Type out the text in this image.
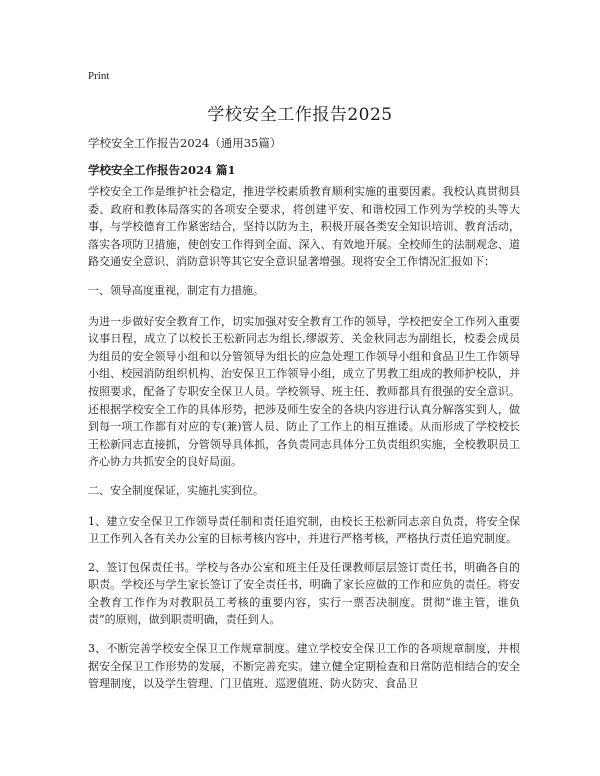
Print
学校安全工作报告2025

学校安全工作报告2024（通用35篇）

学校安全工作报告2024 篇1

学校安全工作是维护社会稳定，推进学校素质教育顺利实施的重要因素。我校认真贯彻县委、政府和教体局落实的各项安全要求，将创建平安、和谐校园工作列为学校的头等大事，与学校德育工作紧密结合，坚持以防为主，积极开展各类安全知识培训、教育活动，落实各项防卫措施，使创安工作得到全面、深入、有效地开展。全校师生的法制观念、道路交通安全意识、消防意识等其它安全意识显著增强。现将安全工作情况汇报如下：

一、领导高度重视，制定有力措施。

为进一步做好安全教育工作，切实加强对安全教育工作的领导，学校把安全工作列入重要议事日程，成立了以校长王松新同志为组长,缪淑芳、关金秋同志为副组长，校委会成员为组员的安全领导小组和以分管领导为组长的应急处理工作领导小组和食品卫生工作领导小组、校园消防组织机构、治安保卫工作领导小组，成立了男教工组成的教师护校队，并按照要求，配备了专职安全保卫人员。学校领导、班主任、教师都具有很强的安全意识。还根据学校安全工作的具体形势，把涉及师生安全的各块内容进行认真分解落实到人，做到每一项工作都有对应的专(兼)管人员、防止了工作上的相互推诿。从而形成了学校校长王松新同志直接抓，分管领导具体抓，各负责同志具体分工负责组织实施，全校教职员工齐心协力共抓安全的良好局面。

二、安全制度保证，实施扎实到位。

1、建立安全保卫工作领导责任制和责任追究制，由校长王松新同志亲自负责，将安全保卫工作列入各有关办公室的目标考核内容中，并进行严格考核，严格执行责任追究制度。

2、签订包保责任书。学校与各办公室和班主任及任课教师层层签订责任书，明确各自的职责。学校还与学生家长签订了安全责任书，明确了家长应做的工作和应负的责任。将安全教育工作作为对教职员工考核的重要内容，实行一票否决制度。贯彻“谁主管，谁负责”的原则，做到职责明确，责任到人。

3、不断完善学校安全保卫工作规章制度。建立学校安全保卫工作的各项规章制度，并根据安全保卫工作形势的发展，不断完善充实。建立健全定期检查和日常防范相结合的安全管理制度，以及学生管理、门卫值班、巡逻值班、防火防灾、食品卫
